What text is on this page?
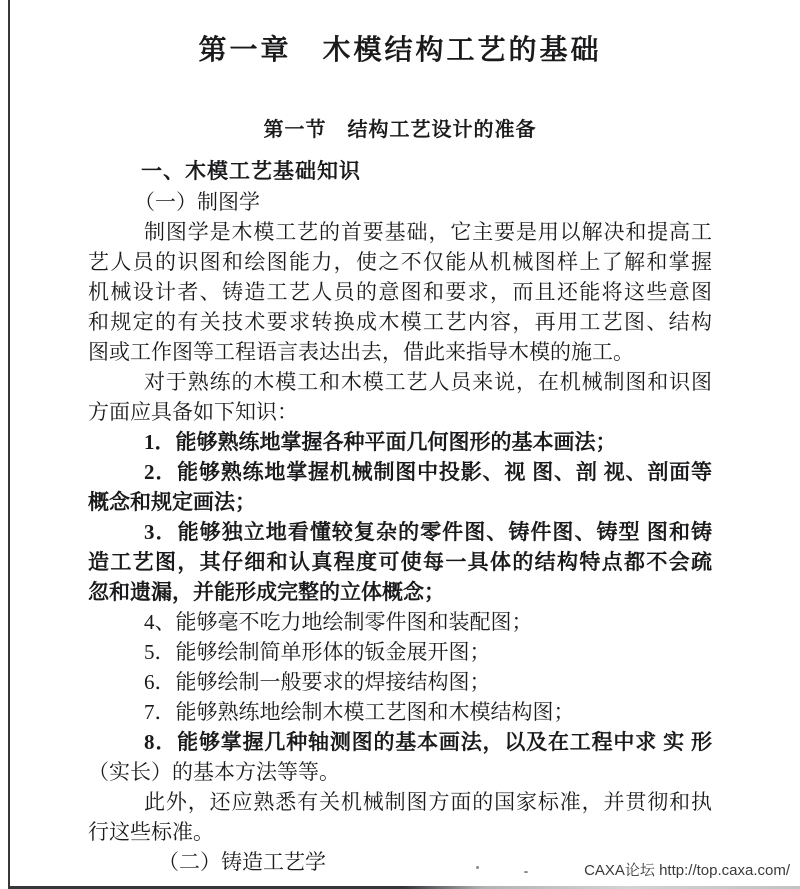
第一章　木模结构工艺的基础
第一节　结构工艺设计的准备
一、木模工艺基础知识
（一）制图学
制图学是木模工艺的首要基础，它主要是用以解决和提高工
艺人员的识图和绘图能力，使之不仅能从机械图样上了解和掌握
机械设计者、铸造工艺人员的意图和要求，而且还能将这些意图
和规定的有关技术要求转换成木模工艺内容，再用工艺图、结构
图或工作图等工程语言表达出去，借此来指导木模的施工。
对于熟练的木模工和木模工艺人员来说，在机械制图和识图
方面应具备如下知识：
1．能够熟练地掌握各种平面几何图形的基本画法；
2．能够熟练地掌握机械制图中投影、视 图、剖 视、剖面等
概念和规定画法；
3．能够独立地看懂较复杂的零件图、铸件图、铸型 图和铸
造工艺图，其仔细和认真程度可使每一具体的结构特点都不会疏
忽和遗漏，并能形成完整的立体概念；
4、能够毫不吃力地绘制零件图和装配图；
5．能够绘制简单形体的钣金展开图；
6．能够绘制一般要求的焊接结构图；
7．能够熟练地绘制木模工艺图和木模结构图；
8．能够掌握几种轴测图的基本画法，以及在工程中求 实 形
（实长）的基本方法等等。
此外，还应熟悉有关机械制图方面的国家标准，并贯彻和执
行这些标准。
（二）铸造工艺学	CAXA论坛 http://top.caxa.com/
